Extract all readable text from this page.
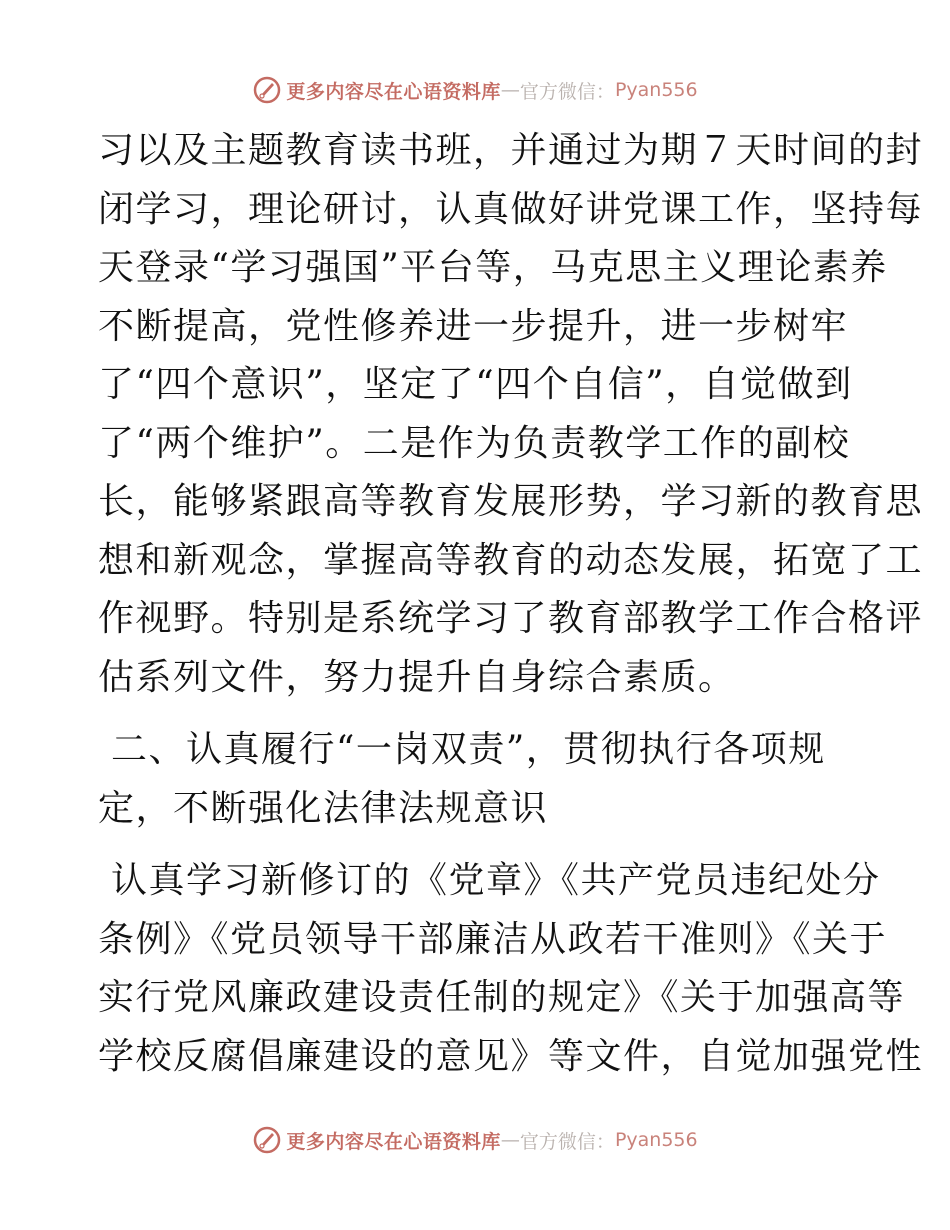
更多内容尽在心语资料库 — 官方微信： Pyan556
习以及主题教育读书班，并通过为期７天时间的封
闭学习，理论研讨，认真做好讲党课工作，坚持每
天登录“学习强国”平台等，马克思主义理论素养
不断提高，党性修养进一步提升，进一步树牢
了“四个意识”，坚定了“四个自信”，自觉做到
了“两个维护”。二是作为负责教学工作的副校
长，能够紧跟高等教育发展形势，学习新的教育思
想和新观念，掌握高等教育的动态发展，拓宽了工
作视野。特别是系统学习了教育部教学工作合格评
估系列文件，努力提升自身综合素质。
二、认真履行“一岗双责”，贯彻执行各项规
定，不断强化法律法规意识
认真学习新修订的《党章》《共产党员违纪处分
条例》《党员领导干部廉洁从政若干准则》《关于
实行党风廉政建设责任制的规定》《关于加强高等
学校反腐倡廉建设的意见》等文件，自觉加强党性
更多内容尽在心语资料库 — 官方微信： Pyan556
